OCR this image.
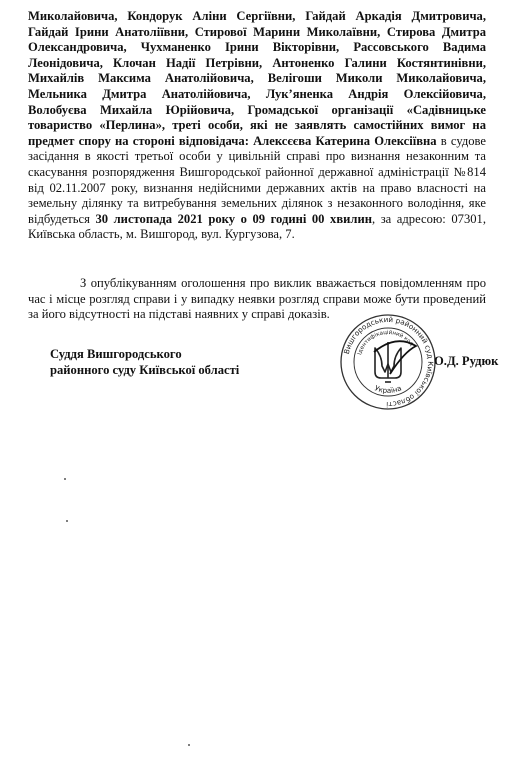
Миколайовича, Кондорук Аліни Сергіївни, Гайдай Аркадія Дмитровича, Гайдай Ірини Анатоліївни, Стирової Марини Миколаївни, Стирова Дмитра Олександровича, Чухманенко Ірини Вікторівни, Рассовського Вадима Леонідовича, Клочан Надії Петрівни, Антоненко Галини Костянтинівни, Михайлів Максима Анатолійовича, Велігоши Миколи Миколайовича, Мельника Дмитра Анатолійовича, Лук’яненка Андрія Олексійовича, Волобуєва Михайла Юрійовича, Громадської організації «Садівницьке товариство «Перлина», треті особи, які не заявлять самостійних вимог на предмет спору на стороні відповідача: Алексєєва Катерина Олексіївна в судове засідання в якості третьої особи у цивільній справі про визнання незаконним та скасування розпорядження Вишгородської районної державної адміністрації №814 від 02.11.2007 року, визнання недійсними державних актів на право власності на земельну ділянку та витребування земельних ділянок з незаконного володіння, яке відбудеться 30 листопада 2021 року о 09 годині 00 хвилин, за адресою: 07301, Київська область, м. Вишгород, вул. Кургузова, 7.

З опублікуванням оголошення про виклик вважається повідомленням про час і місце розгляд справи і у випадку неявки розгляд справи може бути проведений за його відсутності на підставі наявних у справі доказів.

Суддя Вишгородського
районного суду Київської області
Вишгородський районний суд Київської області
Ідентифікаційний код
Україна
О.Д. Рудюк
